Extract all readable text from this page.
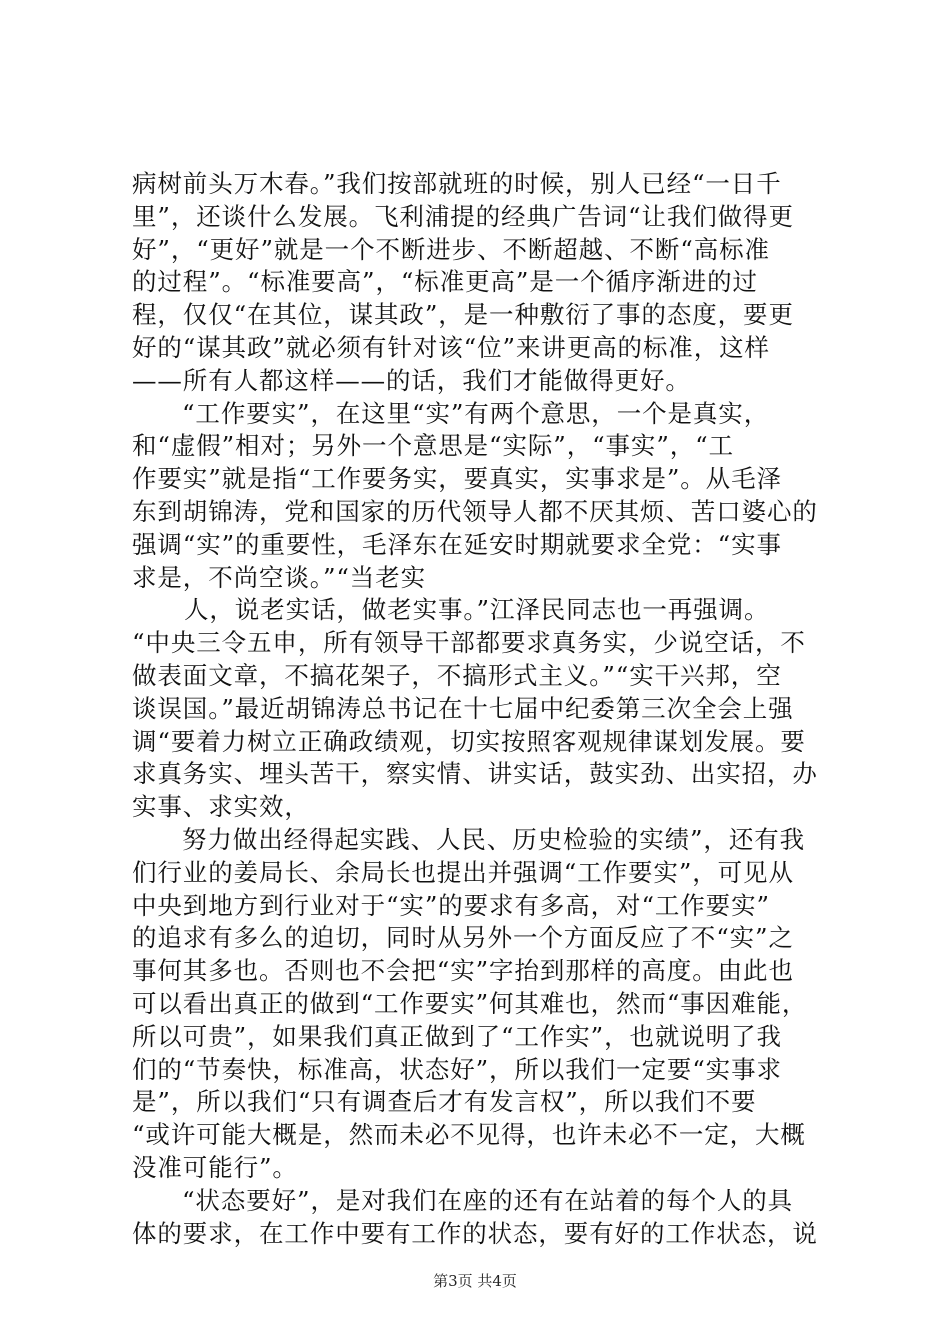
病树前头万木春。”我们按部就班的时候，别人已经“一日千
里”，还谈什么发展。飞利浦提的经典广告词“让我们做得更
好”，“更好”就是一个不断进步、不断超越、不断“高标准
的过程”。“标准要高”，“标准更高”是一个循序渐进的过
程，仅仅“在其位，谋其政”，是一种敷衍了事的态度，要更
好的“谋其政”就必须有针对该“位”来讲更高的标准，这样
——所有人都这样——的话，我们才能做得更好。
“工作要实”，在这里“实”有两个意思，一个是真实，
和“虚假”相对；另外一个意思是“实际”，“事实”，“工
作要实”就是指“工作要务实，要真实，实事求是”。从毛泽
东到胡锦涛，党和国家的历代领导人都不厌其烦、苦口婆心的
强调“实”的重要性，毛泽东在延安时期就要求全党：“实事
求是，不尚空谈。”“当老实
人，说老实话，做老实事。”江泽民同志也一再强调。
“中央三令五申，所有领导干部都要求真务实，少说空话，不
做表面文章，不搞花架子，不搞形式主义。”“实干兴邦，空
谈误国。”最近胡锦涛总书记在十七届中纪委第三次全会上强
调“要着力树立正确政绩观，切实按照客观规律谋划发展。要
求真务实、埋头苦干，察实情、讲实话，鼓实劲、出实招，办
实事、求实效，
努力做出经得起实践、人民、历史检验的实绩”，还有我
们行业的姜局长、余局长也提出并强调“工作要实”，可见从
中央到地方到行业对于“实”的要求有多高，对“工作要实”
的追求有多么的迫切，同时从另外一个方面反应了不“实”之
事何其多也。否则也不会把“实”字抬到那样的高度。由此也
可以看出真正的做到“工作要实”何其难也，然而“事因难能，
所以可贵”，如果我们真正做到了“工作实”，也就说明了我
们的“节奏快，标准高，状态好”，所以我们一定要“实事求
是”，所以我们“只有调查后才有发言权”，所以我们不要
“或许可能大概是，然而未必不见得，也许未必不一定，大概
没准可能行”。
“状态要好”，是对我们在座的还有在站着的每个人的具
体的要求，在工作中要有工作的状态，要有好的工作状态，说
第3页 共4页
